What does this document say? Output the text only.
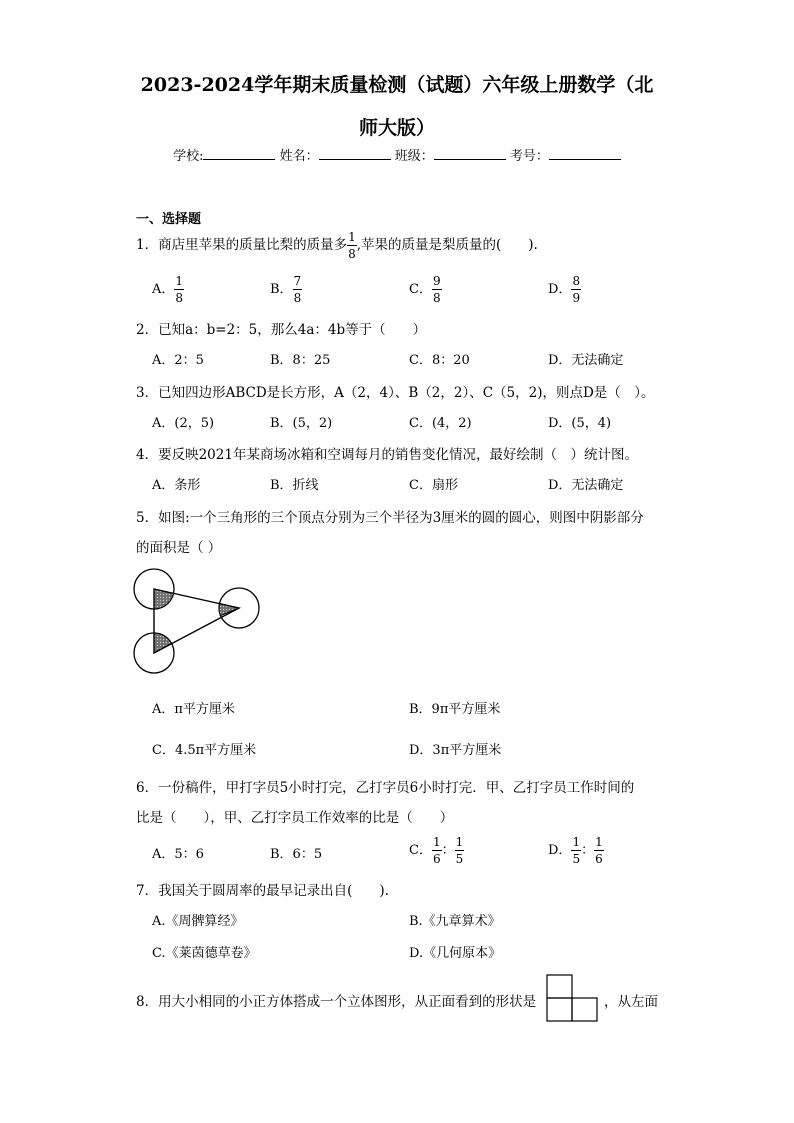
2023-2024学年期末质量检测（试题）六年级上册数学（北
师大版）
学校:	姓名：	班级：	考号：
一、选择题
1．商店里苹果的质量比梨的质量多 $\frac{1}{8}$ ,苹果的质量是梨质量的(　　).
A． $\frac{1}{8}$	B． $\frac{7}{8}$	C． $\frac{9}{8}$	D． $\frac{8}{9}$
2．已知a：b=2：5，那么4a：4b等于（　　）
A．2：5	B．8：25	C．8：20	D．无法确定
3．已知四边形ABCD是长方形，A（2，4）、B（2，2）、C（5，2)，则点D是（　）。
A．(2，5)	B．(5，2)	C．(4，2)	D．(5，4)
4．要反映2021年某商场冰箱和空调每月的销售变化情况，最好绘制（　）统计图。
A．条形	B．折线	C．扇形	D．无法确定
5．如图:一个三角形的三个顶点分别为三个半径为3厘米的圆的圆心，则图中阴影部分
的面积是（ ）
A．π平方厘米	B．9π平方厘米
C．4.5π平方厘米	D．3π平方厘米
6．一份稿件，甲打字员5小时打完，乙打字员6小时打完．甲、乙打字员工作时间的
比是（　　），甲、乙打字员工作效率的比是（　　）
A．5：6	B．6：5	C． $\frac{1}{6}$ ： $\frac{1}{5}$	D． $\frac{1}{5}$ ： $\frac{1}{6}$
7．我国关于圆周率的最早记录出自(　　).
A.《周髀算经》	B.《九章算术》
C.《莱茵德草卷》	D.《几何原本》
8．用大小相同的小正方体搭成一个立体图形，从正面看到的形状是	，从左面
